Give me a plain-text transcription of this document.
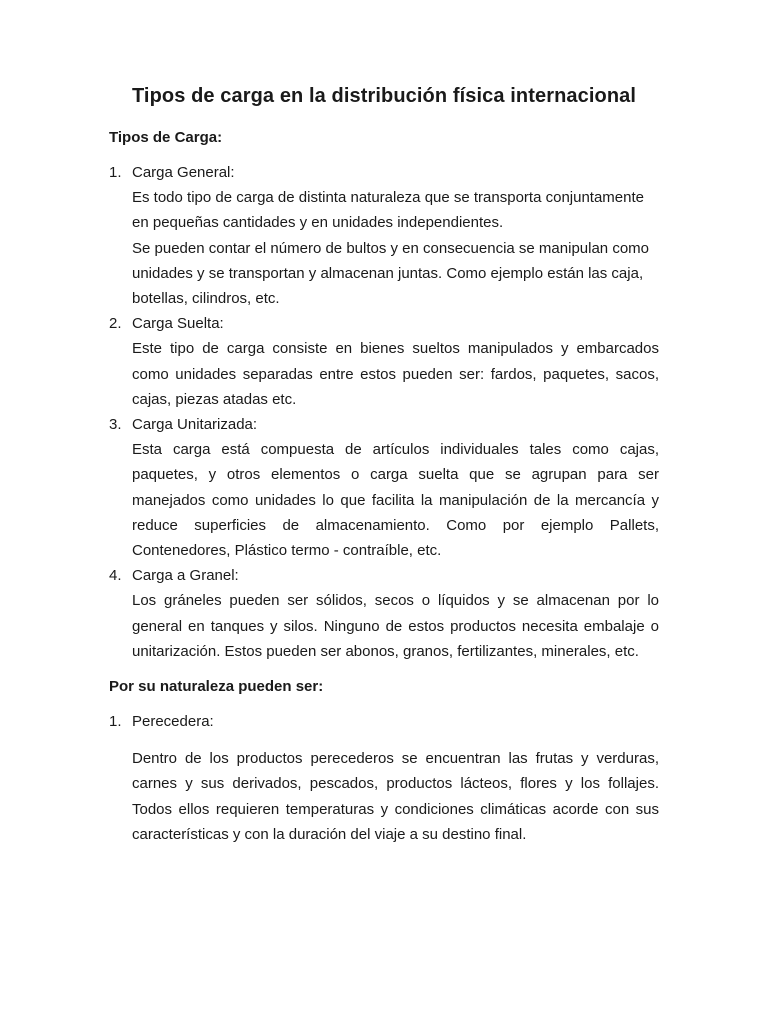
Tipos de carga en la distribución física internacional
Tipos de Carga:
1. Carga General:
Es todo tipo de carga de distinta naturaleza que se transporta conjuntamente en pequeñas cantidades y en unidades independientes.
Se pueden contar el número de bultos y en consecuencia se manipulan como unidades y se transportan y almacenan juntas. Como ejemplo están las caja, botellas, cilindros, etc.
2. Carga Suelta:
Este tipo de carga consiste en bienes sueltos manipulados y embarcados como unidades separadas entre estos pueden ser: fardos, paquetes, sacos, cajas, piezas atadas etc.
3. Carga Unitarizada:
Esta carga está compuesta de artículos individuales tales como cajas, paquetes, y otros elementos o carga suelta que se agrupan para ser manejados como unidades lo que facilita la manipulación de la mercancía y reduce superficies de almacenamiento. Como por ejemplo Pallets, Contenedores, Plástico termo - contraíble, etc.
4. Carga a Granel:
Los gráneles pueden ser sólidos, secos o líquidos y se almacenan por lo general en tanques y silos. Ninguno de estos productos necesita embalaje o unitarización. Estos pueden ser abonos, granos, fertilizantes, minerales, etc.
Por su naturaleza pueden ser:
1. Perecedera:
Dentro de los productos perecederos se encuentran las frutas y verduras, carnes y sus derivados, pescados, productos lácteos, flores y los follajes. Todos ellos requieren temperaturas y condiciones climáticas acorde con sus características y con la duración del viaje a su destino final.
